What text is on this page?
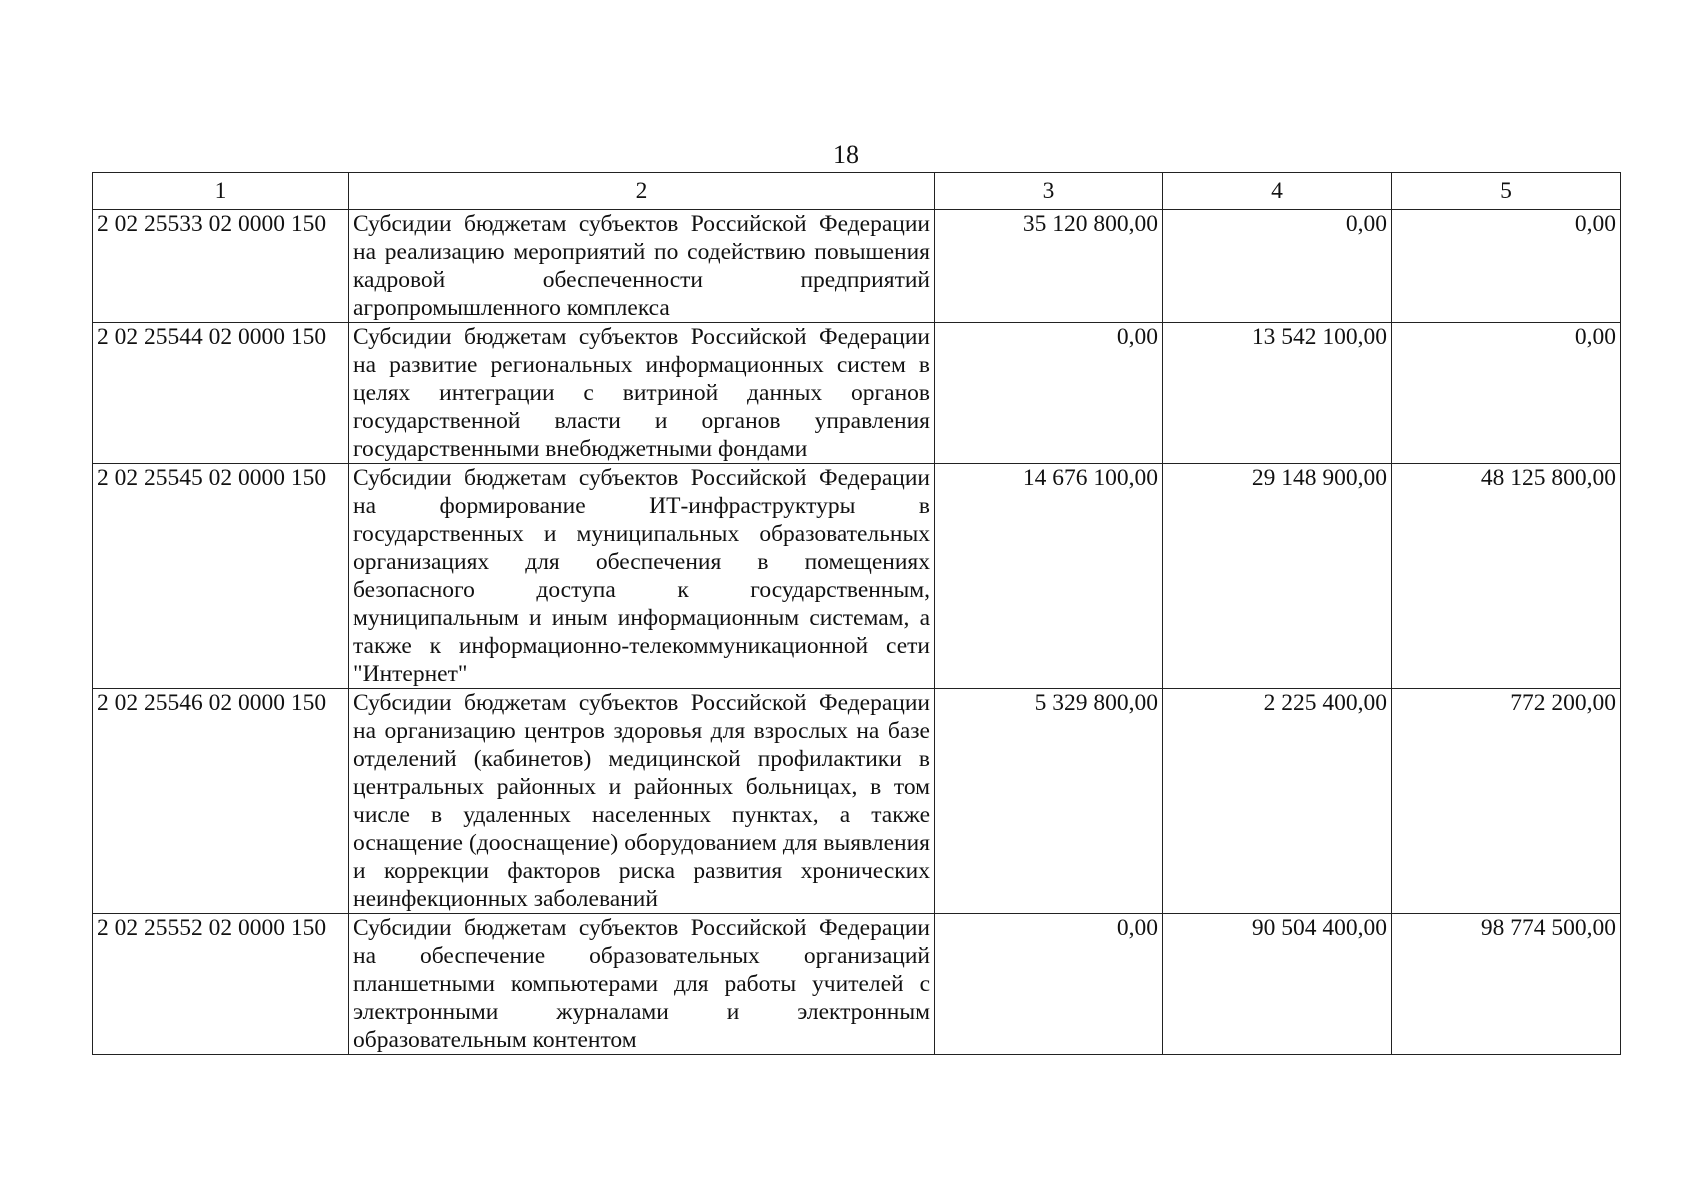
18
1	2	3	4	5
2 02 25533 02 0000 150	Субсидии бюджетам субъектов Российской Федерации на реализацию мероприятий по содействию повышения кадровой обеспеченности предприятий агропромышленного комплекса	35 120 800,00	0,00	0,00
2 02 25544 02 0000 150	Субсидии бюджетам субъектов Российской Федерации на развитие региональных информационных систем в целях интеграции с витриной данных органов государственной власти и органов управления государственными внебюджетными фондами	0,00	13 542 100,00	0,00
2 02 25545 02 0000 150	Субсидии бюджетам субъектов Российской Федерации на формирование ИТ-инфраструктуры в государственных и муниципальных образовательных организациях для обеспечения в помещениях безопасного доступа к государственным, муниципальным и иным информационным системам, а также к информационно-телекоммуникационной сети "Интернет"	14 676 100,00	29 148 900,00	48 125 800,00
2 02 25546 02 0000 150	Субсидии бюджетам субъектов Российской Федерации на организацию центров здоровья для взрослых на базе отделений (кабинетов) медицинской профилактики в центральных районных и районных больницах, в том числе в удаленных населенных пунктах, а также оснащение (дооснащение) оборудованием для выявления и коррекции факторов риска развития хронических неинфекционных заболеваний	5 329 800,00	2 225 400,00	772 200,00
2 02 25552 02 0000 150	Субсидии бюджетам субъектов Российской Федерации на обеспечение образовательных организаций планшетными компьютерами для работы учителей с электронными журналами и электронным образовательным контентом	0,00	90 504 400,00	98 774 500,00
